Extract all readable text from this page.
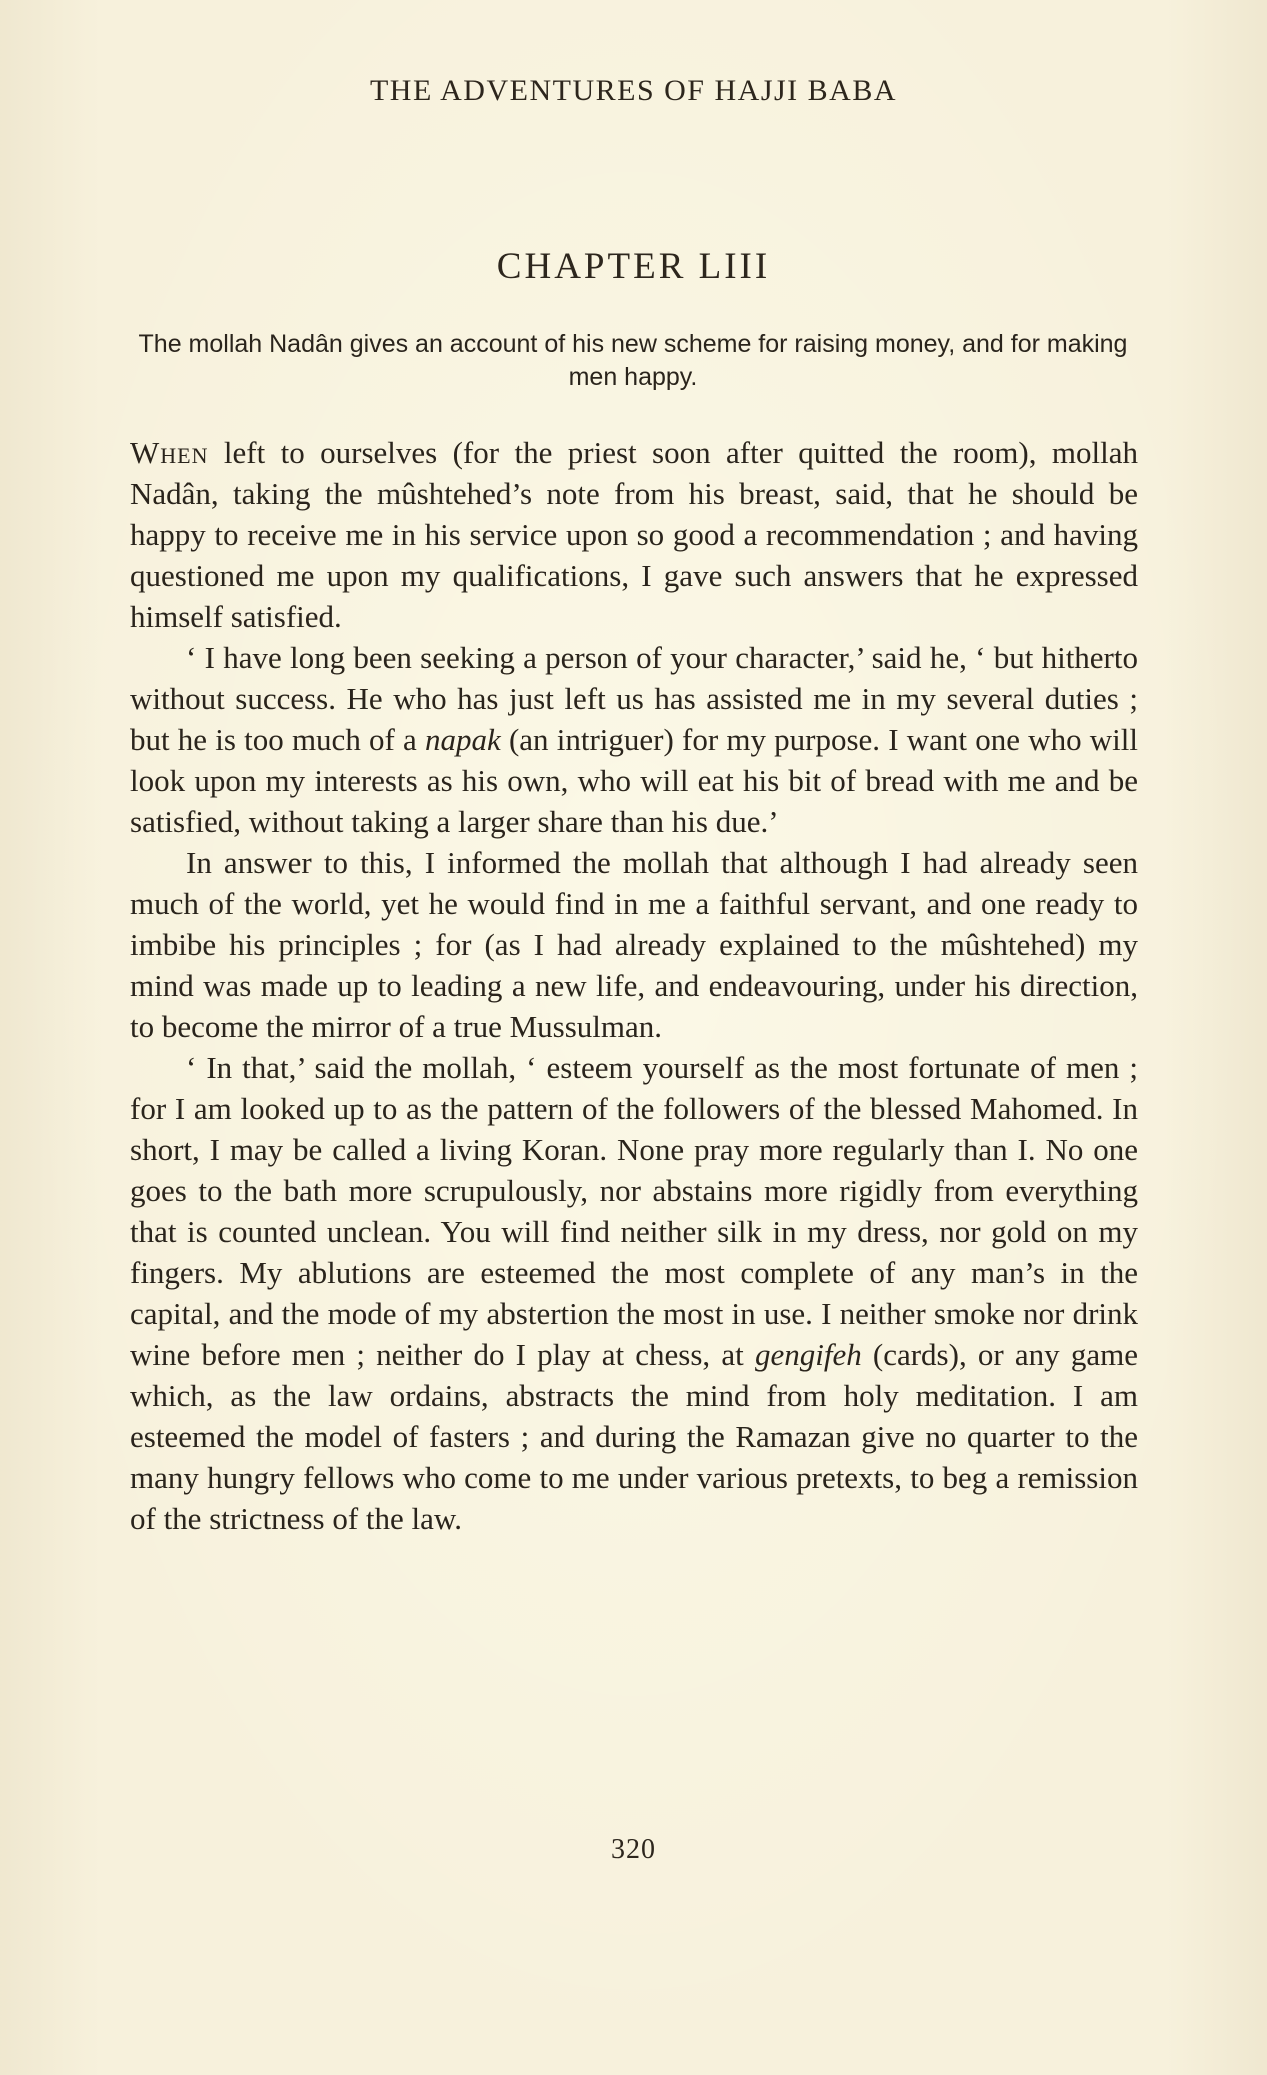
THE ADVENTURES OF HAJJI BABA
CHAPTER LIII
The mollah Nadân gives an account of his new scheme for raising money, and for making men happy.

When left to ourselves (for the priest soon after quitted the room), mollah Nadân, taking the mûshtehed’s note from his breast, said, that he should be happy to receive me in his service upon so good a recommendation ; and having questioned me upon my qualifications, I gave such answers that he expressed himself satisfied.

‘ I have long been seeking a person of your character,’ said he, ‘ but hitherto without success. He who has just left us has assisted me in my several duties ; but he is too much of a napak (an intriguer) for my purpose. I want one who will look upon my interests as his own, who will eat his bit of bread with me and be satisfied, without taking a larger share than his due.’

In answer to this, I informed the mollah that although I had already seen much of the world, yet he would find in me a faithful servant, and one ready to imbibe his principles ; for (as I had already explained to the mûshtehed) my mind was made up to leading a new life, and endeavouring, under his direction, to become the mirror of a true Mussulman.

‘ In that,’ said the mollah, ‘ esteem yourself as the most fortunate of men ; for I am looked up to as the pattern of the followers of the blessed Mahomed. In short, I may be called a living Koran. None pray more regularly than I. No one goes to the bath more scrupulously, nor abstains more rigidly from everything that is counted unclean. You will find neither silk in my dress, nor gold on my fingers. My ablutions are esteemed the most complete of any man’s in the capital, and the mode of my abstertion the most in use. I neither smoke nor drink wine before men ; neither do I play at chess, at gengifeh (cards), or any game which, as the law ordains, abstracts the mind from holy meditation. I am esteemed the model of fasters ; and during the Ramazan give no quarter to the many hungry fellows who come to me under various pretexts, to beg a remission of the strictness of the law.

320
